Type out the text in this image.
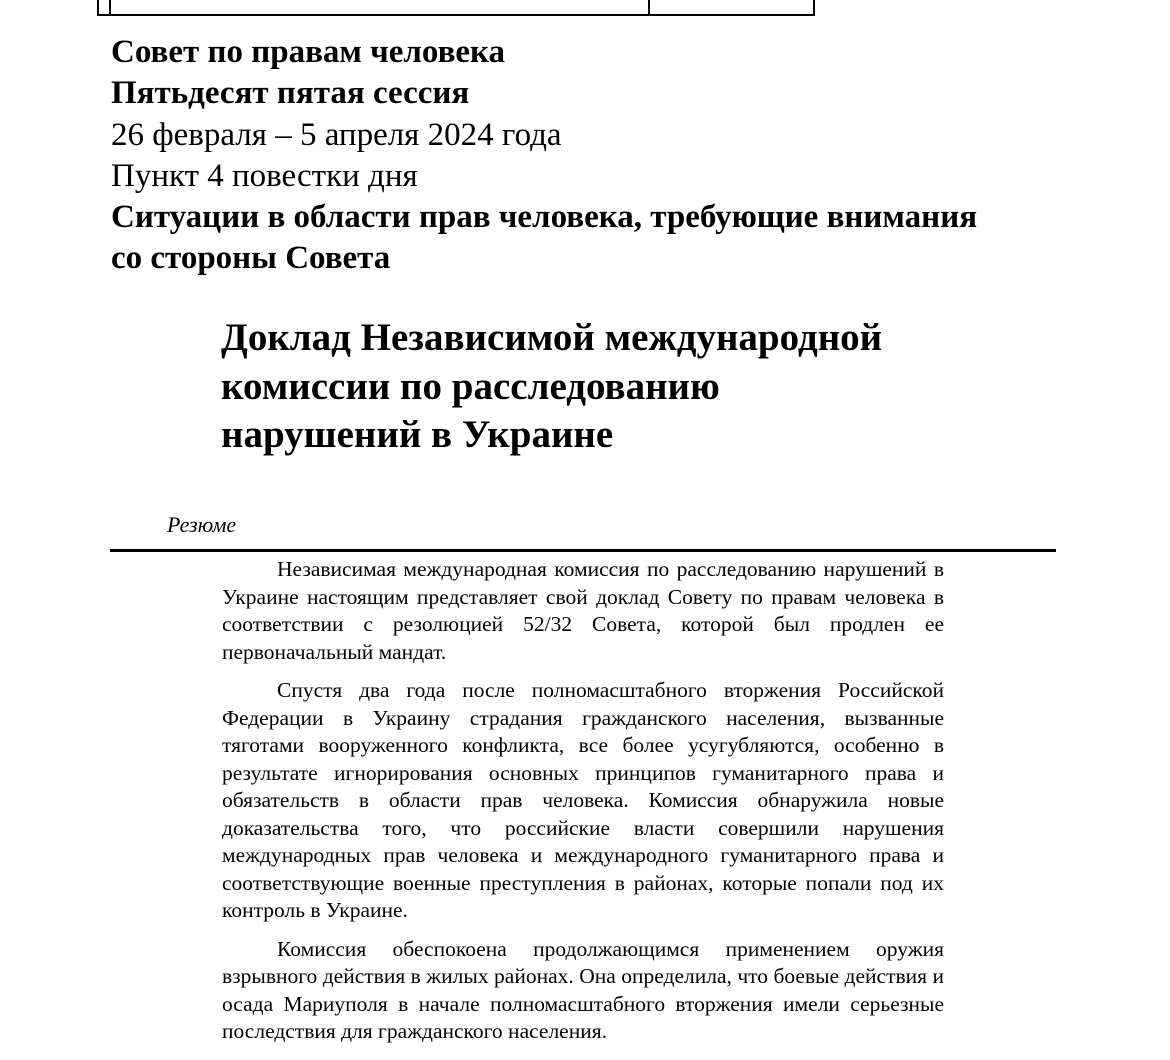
Совет по правам человека

Пятьдесят пятая сессия

26 февраля – 5 апреля 2024 года

Пункт 4 повестки дня

Ситуации в области прав человека, требующие внимания

со стороны Совета

Доклад Независимой международной
комиссии по расследованию
нарушений в Украине

Резюме

Независимая международная комиссия по расследованию нарушений в Украине настоящим представляет свой доклад Совету по правам человека в соответствии с резолюцией 52/32 Совета, которой был продлен ее первоначальный мандат.

Спустя два года после полномасштабного вторжения Российской Федерации в Украину страдания гражданского населения, вызванные тяготами вооруженного конфликта, все более усугубляются, особенно в результате игнорирования основных принципов гуманитарного права и обязательств в области прав человека. Комиссия обнаружила новые доказательства того, что российские власти совершили нарушения международных прав человека и международного гуманитарного права и соответствующие военные преступления в районах, которые попали под их контроль в Украине.

Комиссия обеспокоена продолжающимся применением оружия взрывного действия в жилых районах. Она определила, что боевые действия и осада Мариуполя в начале полномасштабного вторжения имели серьезные последствия для гражданского населения.
